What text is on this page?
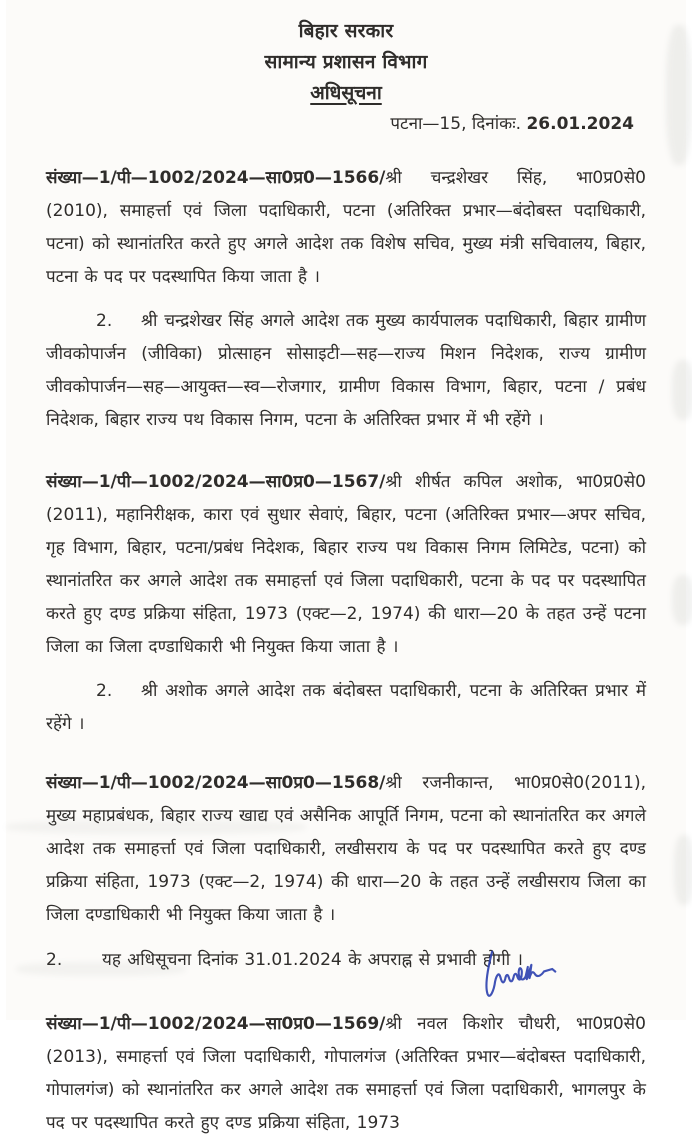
बिहार सरकार
सामान्य प्रशासन विभाग
अधिसूचना
पटना—15, दिनांकः. 26.01.2024
संख्या—1/पी—1002/2024—सा0प्र0—1566/श्री चन्द्रशेखर सिंह, भा0प्र0से0 (2010), समाहर्त्ता एवं जिला पदाधिकारी, पटना (अतिरिक्त प्रभार—बंदोबस्त पदाधिकारी, पटना) को स्थानांतरित करते हुए अगले आदेश तक विशेष सचिव, मुख्य मंत्री सचिवालय, बिहार, पटना के पद पर पदस्थापित किया जाता है ।
2. श्री चन्द्रशेखर सिंह अगले आदेश तक मुख्य कार्यपालक पदाधिकारी, बिहार ग्रामीण जीवकोपार्जन (जीविका) प्रोत्साहन सोसाइटी—सह—राज्य मिशन निदेशक, राज्य ग्रामीण जीवकोपार्जन—सह—आयुक्त—स्व—रोजगार, ग्रामीण विकास विभाग, बिहार, पटना / प्रबंध निदेशक, बिहार राज्य पथ विकास निगम, पटना के अतिरिक्त प्रभार में भी रहेंगे ।
संख्या—1/पी—1002/2024—सा0प्र0—1567/श्री शीर्षत कपिल अशोक, भा0प्र0से0 (2011), महानिरीक्षक, कारा एवं सुधार सेवाएं, बिहार, पटना (अतिरिक्त प्रभार—अपर सचिव, गृह विभाग, बिहार, पटना/प्रबंध निदेशक, बिहार राज्य पथ विकास निगम लिमिटेड, पटना) को स्थानांतरित कर अगले आदेश तक समाहर्त्ता एवं जिला पदाधिकारी, पटना के पद पर पदस्थापित करते हुए दण्ड प्रक्रिया संहिता, 1973 (एक्ट—2, 1974) की धारा—20 के तहत उन्हें पटना जिला का जिला दण्डाधिकारी भी नियुक्त किया जाता है ।
2. श्री अशोक अगले आदेश तक बंदोबस्त पदाधिकारी, पटना के अतिरिक्त प्रभार में रहेंगे ।
संख्या—1/पी—1002/2024—सा0प्र0—1568/श्री रजनीकान्त, भा0प्र0से0(2011), मुख्य महाप्रबंधक, बिहार राज्य खाद्य एवं असैनिक आपूर्ति निगम, पटना को स्थानांतरित कर अगले आदेश तक समाहर्त्ता एवं जिला पदाधिकारी, लखीसराय के पद पर पदस्थापित करते हुए दण्ड प्रक्रिया संहिता, 1973 (एक्ट—2, 1974) की धारा—20 के तहत उन्हें लखीसराय जिला का जिला दण्डाधिकारी भी नियुक्त किया जाता है ।
2. यह अधिसूचना दिनांक 31.01.2024 के अपराह्न से प्रभावी होगी ।
संख्या—1/पी—1002/2024—सा0प्र0—1569/श्री नवल किशोर चौधरी, भा0प्र0से0 (2013), समाहर्त्ता एवं जिला पदाधिकारी, गोपालगंज (अतिरिक्त प्रभार—बंदोबस्त पदाधिकारी, गोपालगंज) को स्थानांतरित कर अगले आदेश तक समाहर्त्ता एवं जिला पदाधिकारी, भागलपुर के पद पर पदस्थापित करते हुए दण्ड प्रक्रिया संहिता, 1973
